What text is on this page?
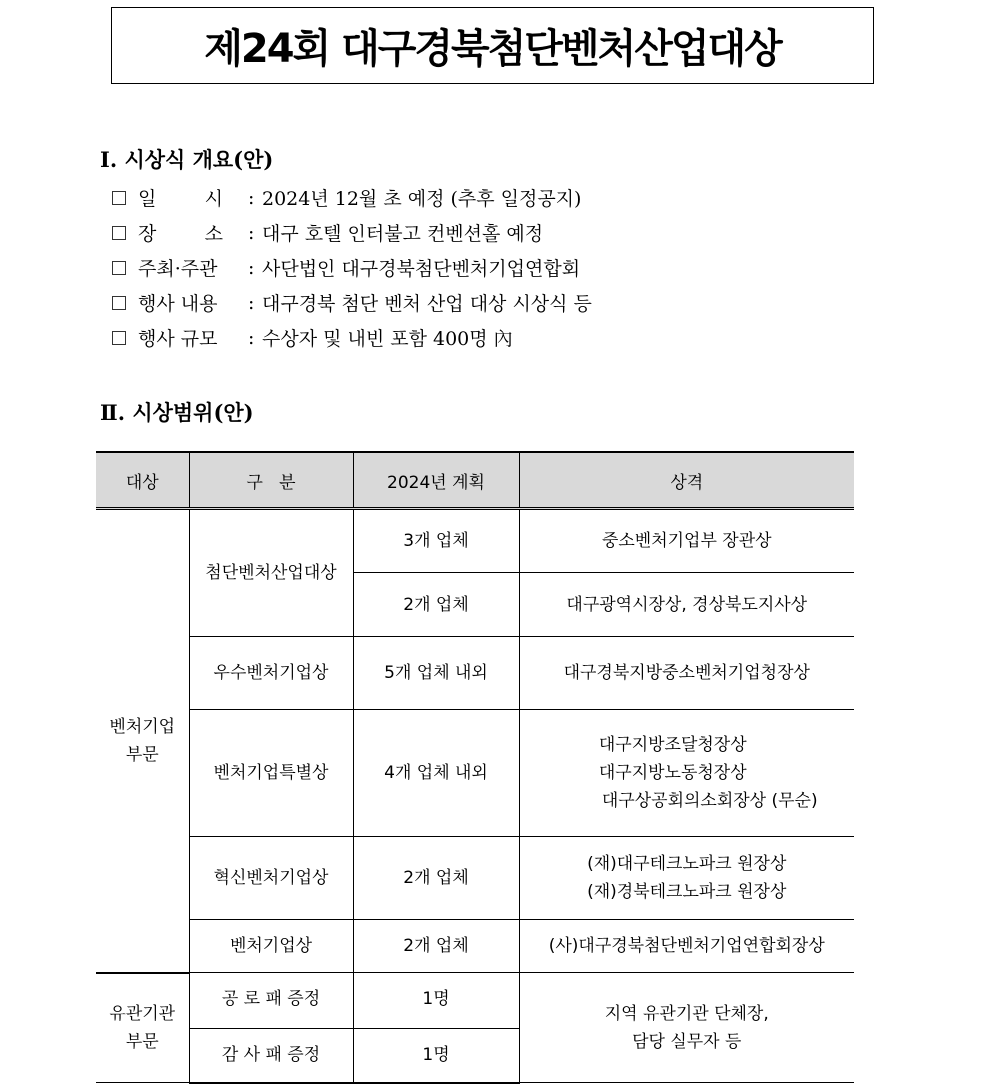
제24회 대구경북첨단벤처산업대상
Ⅰ. 시상식 개요(안)
일        시	: 2024년 12월 초 예정 (추후 일정공지)
장        소	: 대구 호텔 인터불고 컨벤션홀 예정
주최·주관	: 사단법인 대구경북첨단벤처기업연합회
행사 내용	: 대구경북 첨단 벤처 산업 대상 시상식 등
행사 규모	: 수상자 및 내빈 포함 400명 內
Ⅱ. 시상범위(안)
대상	구   분	2024년 계획	상격

벤처기업
부문	첨단벤처산업대상	3개 업체	중소벤처기업부 장관상

		2개 업체	대구광역시장상, 경상북도지사상

	우수벤처기업상	5개 업체 내외	대구경북지방중소벤처기업청장상

	벤처기업특별상	4개 업체 내외	대구지방조달청장상
대구지방노동청장상
대구상공회의소회장상 (무순)

	혁신벤처기업상	2개 업체	(재)대구테크노파크 원장상
(재)경북테크노파크 원장상

	벤처기업상	2개 업체	(사)대구경북첨단벤처기업연합회장상

유관기관
부문	공 로 패 증정	1명	지역 유관기관 단체장,
담당 실무자 등

	감 사 패 증정	1명	
